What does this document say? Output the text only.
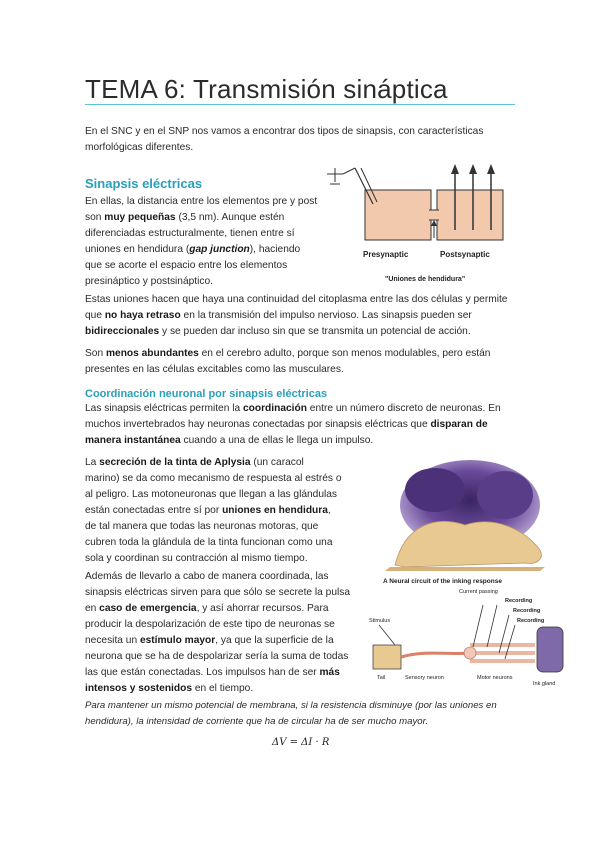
TEMA 6: Transmisión sináptica
En el SNC y en el SNP nos vamos a encontrar dos tipos de sinapsis, con características
morfológicas diferentes.
Sinapsis eléctricas
En ellas, la distancia entre los elementos pre y post
son muy pequeñas (3,5 nm). Aunque estén
diferenciadas estructuralmente, tienen entre sí
uniones en hendidura (gap junction), haciendo
que se acorte el espacio entre los elementos
presináptico y postsináptico.
Presynaptic	Postsynaptic
"Uniones de hendidura"
Estas uniones hacen que haya una continuidad del citoplasma entre las dos células y permite
que no haya retraso en la transmisión del impulso nervioso. Las sinapsis pueden ser
bidireccionales y se pueden dar incluso sin que se transmita un potencial de acción.
Son menos abundantes en el cerebro adulto, porque son menos modulables, pero están
presentes en las células excitables como las musculares.
Coordinación neuronal por sinapsis eléctricas
Las sinapsis eléctricas permiten la coordinación entre un número discreto de neuronas. En
muchos invertebrados hay neuronas conectadas por sinapsis eléctricas que disparan de
manera instantánea cuando a una de ellas le llega un impulso.
La secreción de la tinta de Aplysia (un caracol
marino) se da como mecanismo de respuesta al estrés o
al peligro. Las motoneuronas que llegan a las glándulas
están conectadas entre sí por uniones en hendidura,
de tal manera que todas las neuronas motoras, que
cubren toda la glándula de la tinta funcionan como una
sola y coordinan su contracción al mismo tiempo.
Además de llevarlo a cabo de manera coordinada, las
sinapsis eléctricas sirven para que sólo se secrete la pulsa
en caso de emergencia, y así ahorrar recursos. Para
producir la despolarización de este tipo de neuronas se
necesita un estímulo mayor, ya que la superficie de la
neurona que se ha de despolarizar sería la suma de todas
las que están conectadas. Los impulsos han de ser más
intensos y sostenidos en el tiempo.
A Neural circuit of the inking response
Current passing
Recording
Recording
Recording
Stimulus
Tail	Sensory neuron	Motor neurons
Ink gland
Para mantener un mismo potencial de membrana, si la resistencia disminuye (por las uniones en
hendidura), la intensidad de corriente que ha de circular ha de ser mucho mayor.
ΔV = ΔI · R
